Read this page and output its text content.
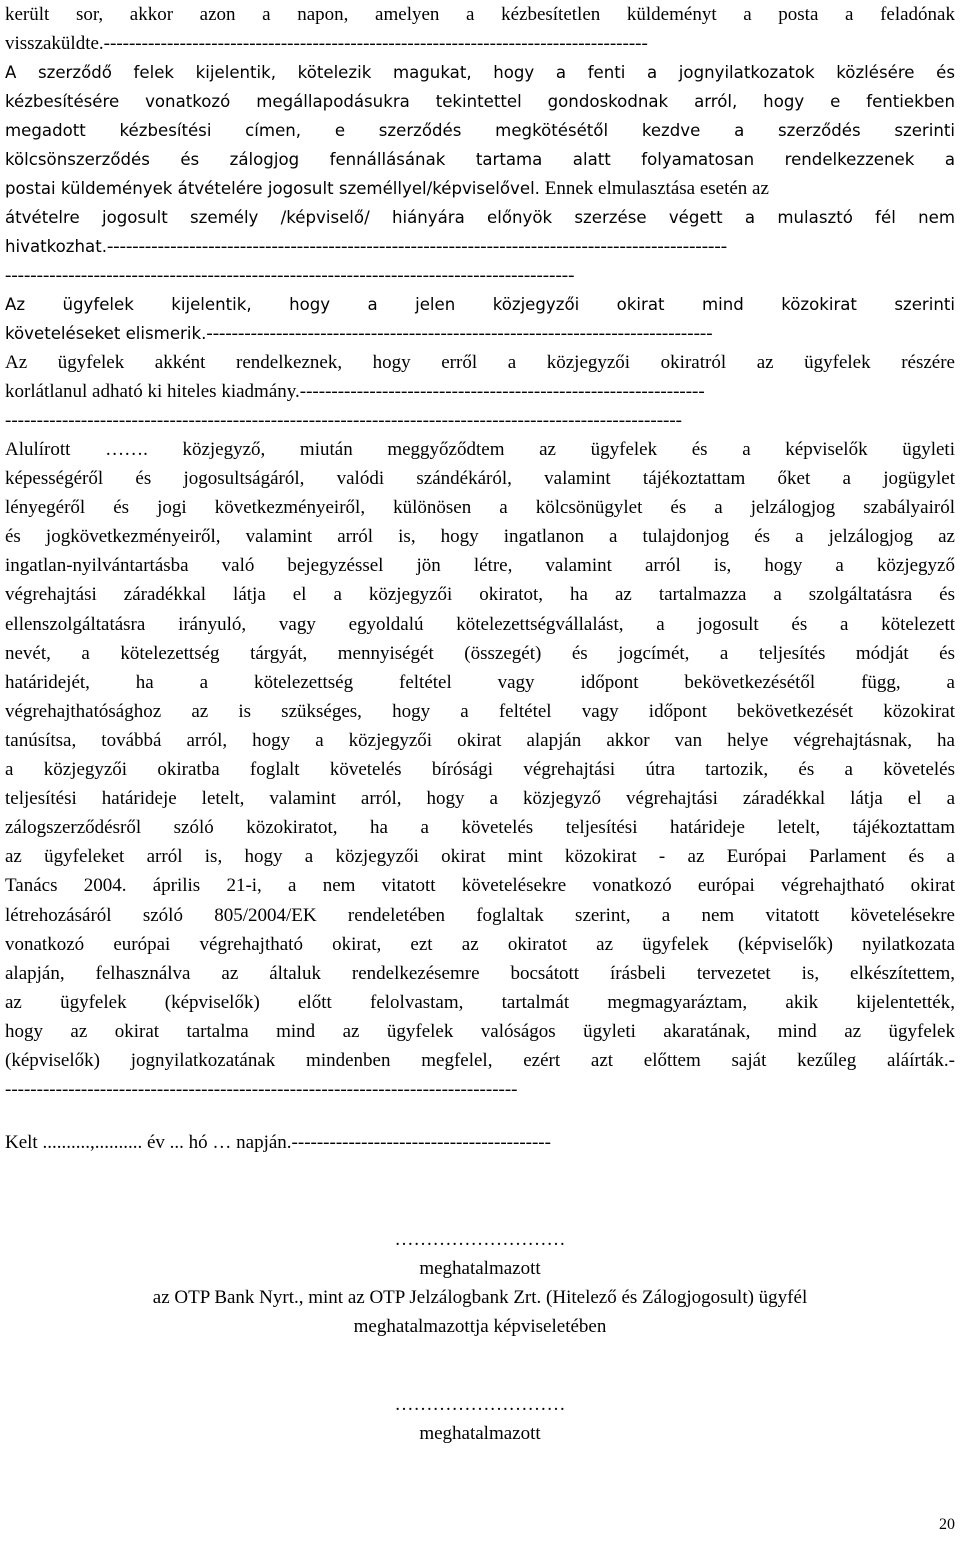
került sor, akkor azon a napon, amelyen a kézbesítetlen küldeményt a posta a feladónak
visszaküldte.--------------------------------------------------------------------------------------
A szerződő felek kijelentik, kötelezik magukat, hogy a fenti a jognyilatkozatok közlésére és
kézbesítésére vonatkozó megállapodásukra tekintettel gondoskodnak arról, hogy e fentiekben
megadott kézbesítési címen, e szerződés megkötésétől kezdve a szerződés szerinti
kölcsönszerződés és zálogjog fennállásának tartama alatt folyamatosan rendelkezzenek a
postai küldemények átvételére jogosult személlyel/képviselővel. Ennek elmulasztása esetén az
átvételre jogosult személy /képviselő/ hiányára előnyök szerzése végett a mulasztó fél nem
hivatkozhat.--------------------------------------------------------------------------------------------------
------------------------------------------------------------------------------------------
Az ügyfelek kijelentik, hogy a jelen közjegyzői okirat mind közokirat szerinti
követeléseket elismerik.--------------------------------------------------------------------------------
Az ügyfelek akként rendelkeznek, hogy erről a közjegyzői okiratról az ügyfelek részére
korlátlanul adható ki hiteles kiadmány.----------------------------------------------------------------
-----------------------------------------------------------------------------------------------------------
Alulírott ……. közjegyző, miután meggyőződtem az ügyfelek és a képviselők ügyleti
képességéről és jogosultságáról, valódi szándékáról, valamint tájékoztattam őket a jogügylet
lényegéről és jogi következményeiről, különösen a kölcsönügylet és a jelzálogjog szabályairól
és jogkövetkezményeiről, valamint arról is, hogy ingatlanon a tulajdonjog és a jelzálogjog az
ingatlan-nyilvántartásba való bejegyzéssel jön létre, valamint arról is, hogy a közjegyző
végrehajtási záradékkal látja el a közjegyzői okiratot, ha az tartalmazza a szolgáltatásra és
ellenszolgáltatásra irányuló, vagy egyoldalú kötelezettségvállalást, a jogosult és a kötelezett
nevét, a kötelezettség tárgyát, mennyiségét (összegét) és jogcímét, a teljesítés módját és
határidejét, ha a kötelezettség feltétel vagy időpont bekövetkezésétől függ, a
végrehajthatósághoz az is szükséges, hogy a feltétel vagy időpont bekövetkezését közokirat
tanúsítsa, továbbá arról, hogy a közjegyzői okirat alapján akkor van helye végrehajtásnak, ha
a közjegyzői okiratba foglalt követelés bírósági végrehajtási útra tartozik, és a követelés
teljesítési határideje letelt, valamint arról, hogy a közjegyző végrehajtási záradékkal látja el a
zálogszerződésről szóló közokiratot, ha a követelés teljesítési határideje letelt, tájékoztattam
az ügyfeleket arról is, hogy a közjegyzői okirat mint közokirat - az Európai Parlament és a
Tanács 2004. április 21-i, a nem vitatott követelésekre vonatkozó európai végrehajtható okirat
létrehozásáról szóló 805/2004/EK rendeletében foglaltak szerint, a nem vitatott követelésekre
vonatkozó európai végrehajtható okirat, ezt az okiratot az ügyfelek (képviselők) nyilatkozata
alapján, felhasználva az általuk rendelkezésemre bocsátott írásbeli tervezetet is, elkészítettem,
az ügyfelek (képviselők) előtt felolvastam, tartalmát megmagyaráztam, akik kijelentették,
hogy az okirat tartalma mind az ügyfelek valóságos ügyleti akaratának, mind az ügyfelek
(képviselők) jognyilatkozatának mindenben megfelel, ezért azt előttem saját kezűleg aláírták.-
---------------------------------------------------------------------------------
Kelt ..........,.......... év ... hó … napján.-----------------------------------------
………………………
meghatalmazott
az OTP Bank Nyrt., mint az OTP Jelzálogbank Zrt. (Hitelező és Zálogjogosult) ügyfél
meghatalmazottja képviseletében
………………………
meghatalmazott
20
